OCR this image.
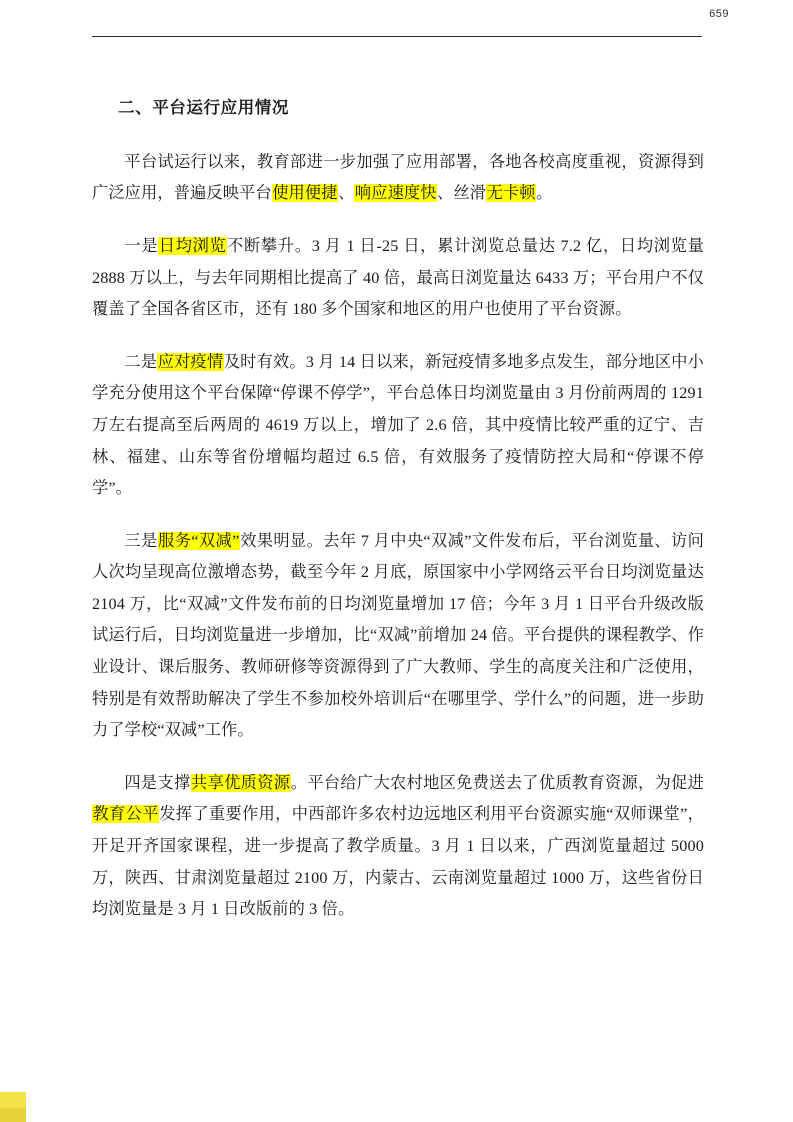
659
二、平台运行应用情况

平台试运行以来，教育部进一步加强了应用部署，各地各校高度重视，资源得到广泛应用，普遍反映平台使用便捷、响应速度快、丝滑无卡顿。

一是日均浏览不断攀升。3 月 1 日-25 日，累计浏览总量达 7.2 亿，日均浏览量 2888 万以上，与去年同期相比提高了 40 倍，最高日浏览量达 6433 万；平台用户不仅覆盖了全国各省区市，还有 180 多个国家和地区的用户也使用了平台资源。

二是应对疫情及时有效。3 月 14 日以来，新冠疫情多地多点发生，部分地区中小学充分使用这个平台保障“停课不停学”，平台总体日均浏览量由 3 月份前两周的 1291 万左右提高至后两周的 4619 万以上，增加了 2.6 倍，其中疫情比较严重的辽宁、吉林、福建、山东等省份增幅均超过 6.5 倍，有效服务了疫情防控大局和“停课不停学”。

三是服务“双减”效果明显。去年 7 月中央“双减”文件发布后，平台浏览量、访问人次均呈现高位激增态势，截至今年 2 月底，原国家中小学网络云平台日均浏览量达 2104 万，比“双减”文件发布前的日均浏览量增加 17 倍；今年 3 月 1 日平台升级改版试运行后，日均浏览量进一步增加，比“双减”前增加 24 倍。平台提供的课程教学、作业设计、课后服务、教师研修等资源得到了广大教师、学生的高度关注和广泛使用，特别是有效帮助解决了学生不参加校外培训后“在哪里学、学什么”的问题，进一步助力了学校“双减”工作。

四是支撑共享优质资源。平台给广大农村地区免费送去了优质教育资源，为促进教育公平发挥了重要作用，中西部许多农村边远地区利用平台资源实施“双师课堂”，开足开齐国家课程，进一步提高了教学质量。3 月 1 日以来，广西浏览量超过 5000 万，陕西、甘肃浏览量超过 2100 万，内蒙古、云南浏览量超过 1000 万，这些省份日均浏览量是 3 月 1 日改版前的 3 倍。
